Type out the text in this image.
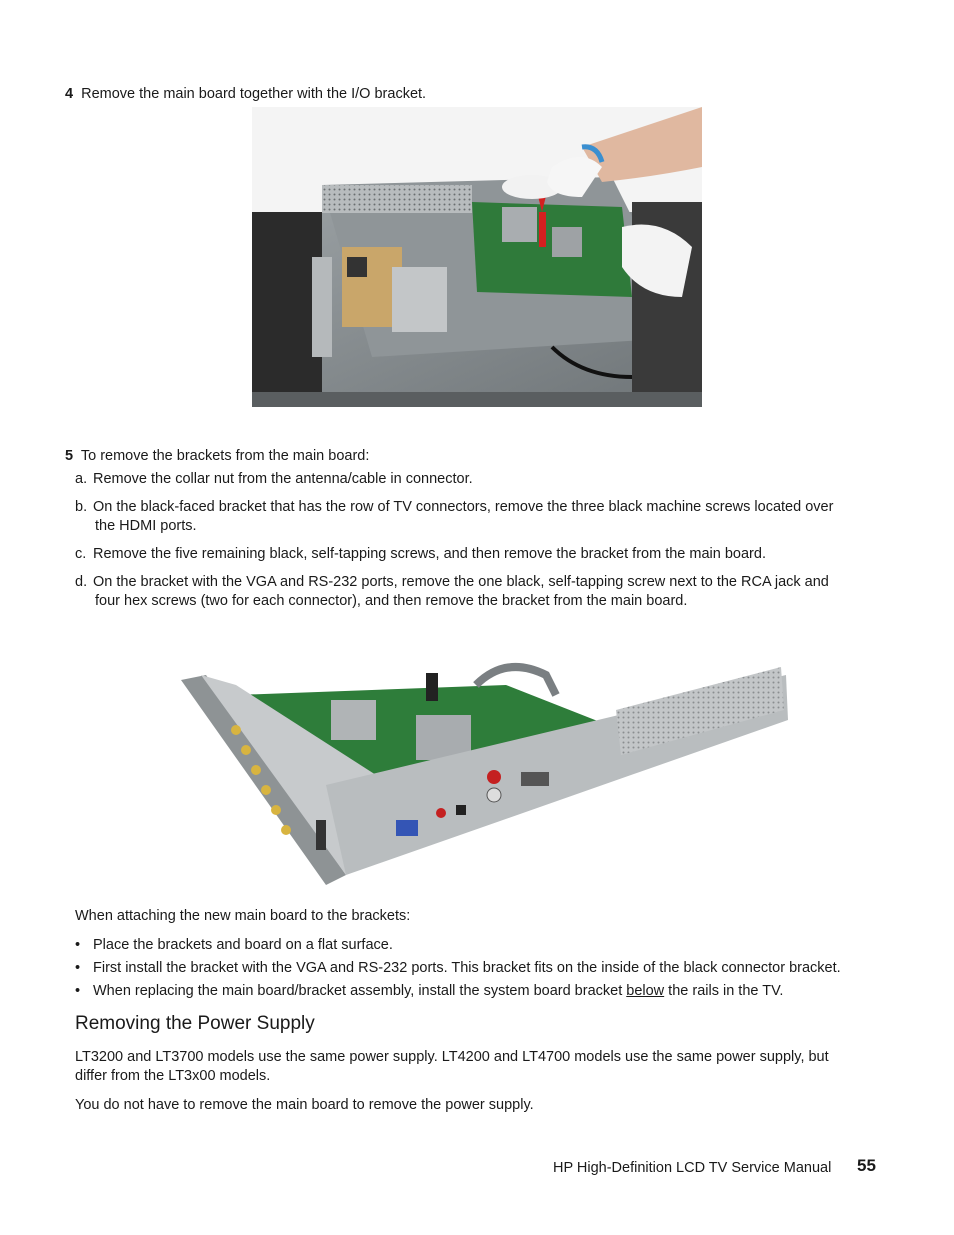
4 Remove the main board together with the I/O bracket.
5 To remove the brackets from the main board:
a. Remove the collar nut from the antenna/cable in connector.
b. On the black-faced bracket that has the row of TV connectors, remove the three black machine screws located over
the HDMI ports.
c. Remove the five remaining black, self-tapping screws, and then remove the bracket from the main board.
d. On the bracket with the VGA and RS-232 ports, remove the one black, self-tapping screw next to the RCA jack and
four hex screws (two for each connector), and then remove the bracket from the main board.
When attaching the new main board to the brackets:
• Place the brackets and board on a flat surface.
• First install the bracket with the VGA and RS-232 ports. This bracket fits on the inside of the black connector bracket.
• When replacing the main board/bracket assembly, install the system board bracket below the rails in the TV.
Removing the Power Supply
LT3200 and LT3700 models use the same power supply. LT4200 and LT4700 models use the same power supply, but
differ from the LT3x00 models.
You do not have to remove the main board to remove the power supply.
HP High-Definition LCD TV Service Manual 55
